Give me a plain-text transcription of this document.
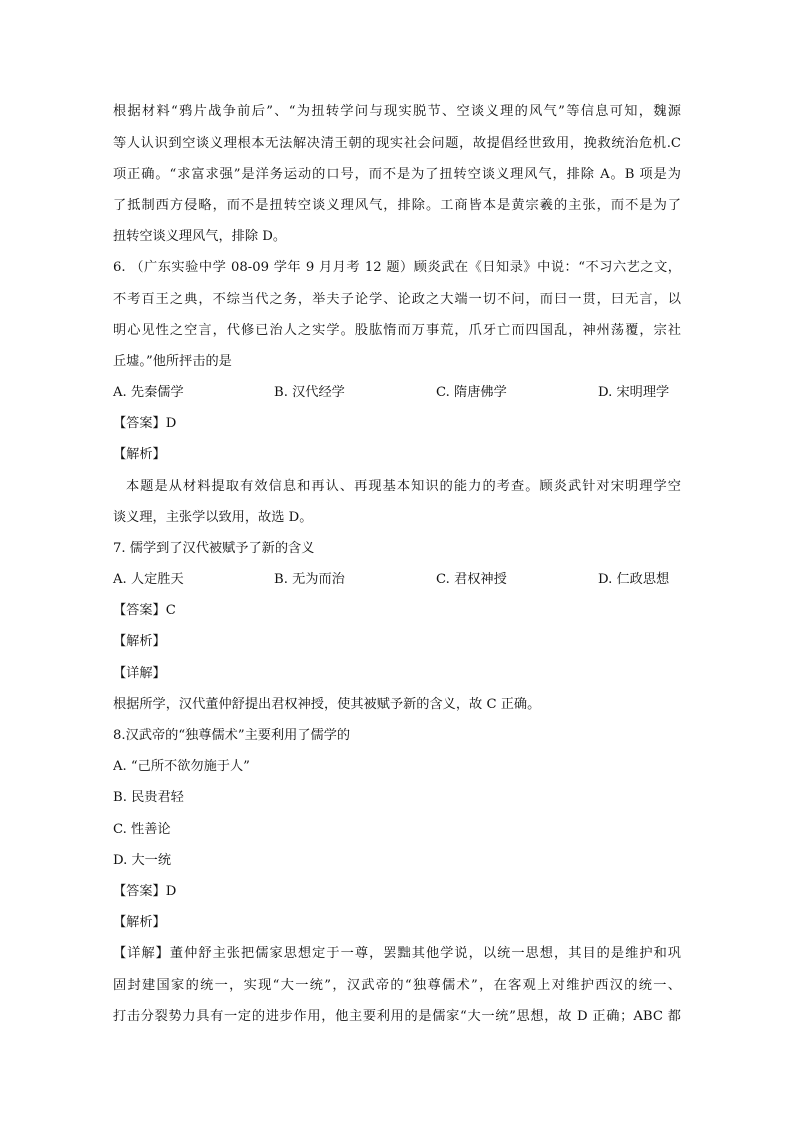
根据材料“鸦片战争前后”、“为扭转学问与现实脱节、空谈义理的风气”等信息可知，魏源
等人认识到空谈义理根本无法解决清王朝的现实社会问题，故提倡经世致用，挽救统治危机.C
项正确。“求富求强”是洋务运动的口号，而不是为了扭转空谈义理风气，排除 A。B 项是为
了抵制西方侵略，而不是扭转空谈义理风气，排除。工商皆本是黄宗羲的主张，而不是为了
扭转空谈义理风气，排除 D。
6. （广东实验中学 08-09 学年 9 月月考 12 题）顾炎武在《日知录》中说：“不习六艺之文，
不考百王之典，不综当代之务，举夫子论学、论政之大端一切不问，而曰一贯，曰无言，以
明心见性之空言，代修已治人之实学。股肱惰而万事荒，爪牙亡而四国乱，神州荡覆，宗社
丘墟。”他所抨击的是
A. 先秦儒学	B. 汉代经学	C. 隋唐佛学	D. 宋明理学
【答案】D
【解析】
本题是从材料提取有效信息和再认、再现基本知识的能力的考查。顾炎武针对宋明理学空
谈义理，主张学以致用，故选 D。
7. 儒学到了汉代被赋予了新的含义
A. 人定胜天	B. 无为而治	C. 君权神授	D. 仁政思想
【答案】C
【解析】
【详解】
根据所学，汉代董仲舒提出君权神授，使其被赋予新的含义，故 C 正确。
8.汉武帝的“独尊儒术”主要利用了儒学的
A. “己所不欲勿施于人”
B. 民贵君轻
C. 性善论
D. 大一统
【答案】D
【解析】
【详解】董仲舒主张把儒家思想定于一尊，罢黜其他学说，以统一思想，其目的是维护和巩
固封建国家的统一，实现“大一统”，汉武帝的“独尊儒术”，在客观上对维护西汉的统一、
打击分裂势力具有一定的进步作用，他主要利用的是儒家“大一统”思想，故 D 正确；ABC 都
